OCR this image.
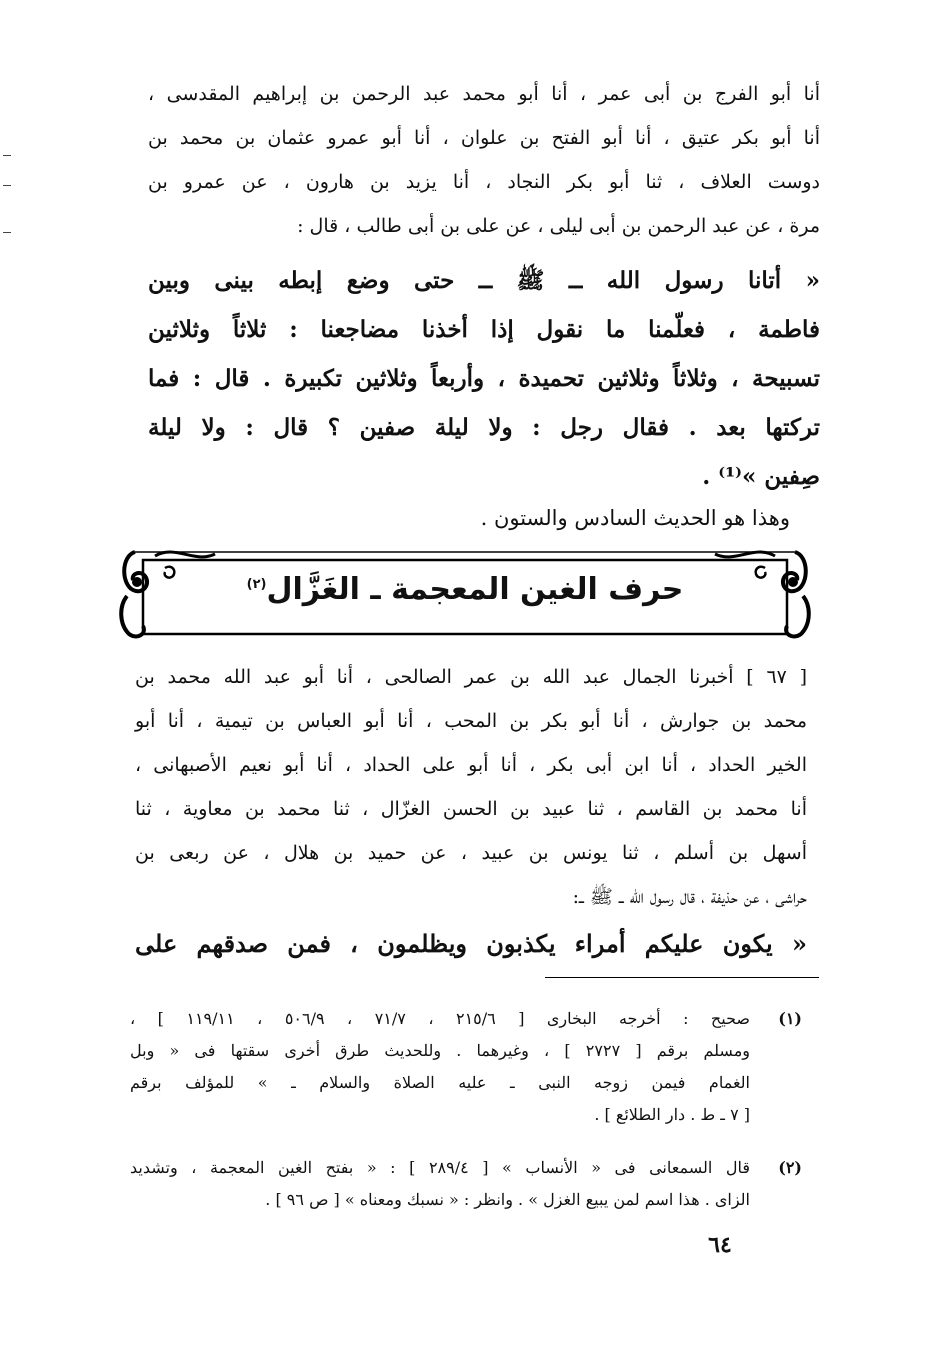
أنا أبو الفرج بن أبى عمر ، أنا أبو محمد عبد الرحمن بن إبراهيم المقدسى ،
أنا أبو بكر عتيق ، أنا أبو الفتح بن علوان ، أنا أبو عمرو عثمان بن محمد بن
دوست العلاف ، ثنا أبو بكر النجاد ، أنا يزيد بن هارون ، عن عمرو بن
مرة ، عن عبد الرحمن بن أبى ليلى ، عن على بن أبى طالب ، قال :
« أتانا رسول الله ــ ﷺ ــ حتى وضع إبطه بينى وبين
فاطمة ، فعلّمنا ما نقول إذا أخذنا مضاجعنا : ثلاثاً وثلاثين
تسبيحة ، وثلاثاً وثلاثين تحميدة ، وأربعاً وثلاثين تكبيرة . قال : فما
تركتها بعد . فقال رجل : ولا ليلة صفين ؟ قال : ولا ليلة
صِفين »⁽¹⁾ .
وهذا هو الحديث السادس والستون .
حرف الغين المعجمة ـ الغَزَّال$^{(٢)}$
[ ٦٧ ] أخبرنا الجمال عبد الله بن عمر الصالحى ، أنا أبو عبد الله محمد بن
محمد بن جوارش ، أنا أبو بكر بن المحب ، أنا أبو العباس بن تيمية ، أنا أبو
الخير الحداد ، أنا ابن أبى بكر ، أنا أبو على الحداد ، أنا أبو نعيم الأصبهانى ،
أنا محمد بن القاسم ، ثنا عبيد بن الحسن الغزّال ، ثنا محمد بن معاوية ، ثنا
أسهل بن أسلم ، ثنا يونس بن عبيد ، عن حميد بن هلال ، عن ربعى بن
حراشى ، عن حذيفة ، قال رسول الله ــ ﷺ ــ:
« يكون عليكم أمراء يكذبون ويظلمون ، فمن صدقهم على
(١)
صحيح : أخرجه البخارى [ ٢١٥/٦ ، ٧١/٧ ، ٥٠٦/٩ ، ١١٩/١١ ] ،
ومسلم برقم [ ٢٧٢٧ ] ، وغيرهما . وللحديث طرق أخرى سقتها فى « وبل
الغمام فيمن زوجه النبى ـ عليه الصلاة والسلام ـ » للمؤلف برقم
[ ٧ ـ ط . دار الطلائع ] .
(٢)
قال السمعانى فى « الأنساب » [ ٢٨٩/٤ ] : « بفتح الغين المعجمة ، وتشديد
الزاى . هذا اسم لمن يبيع الغزل » . وانظر : « نسبك ومعناه » [ ص ٩٦ ] .
٦٤
